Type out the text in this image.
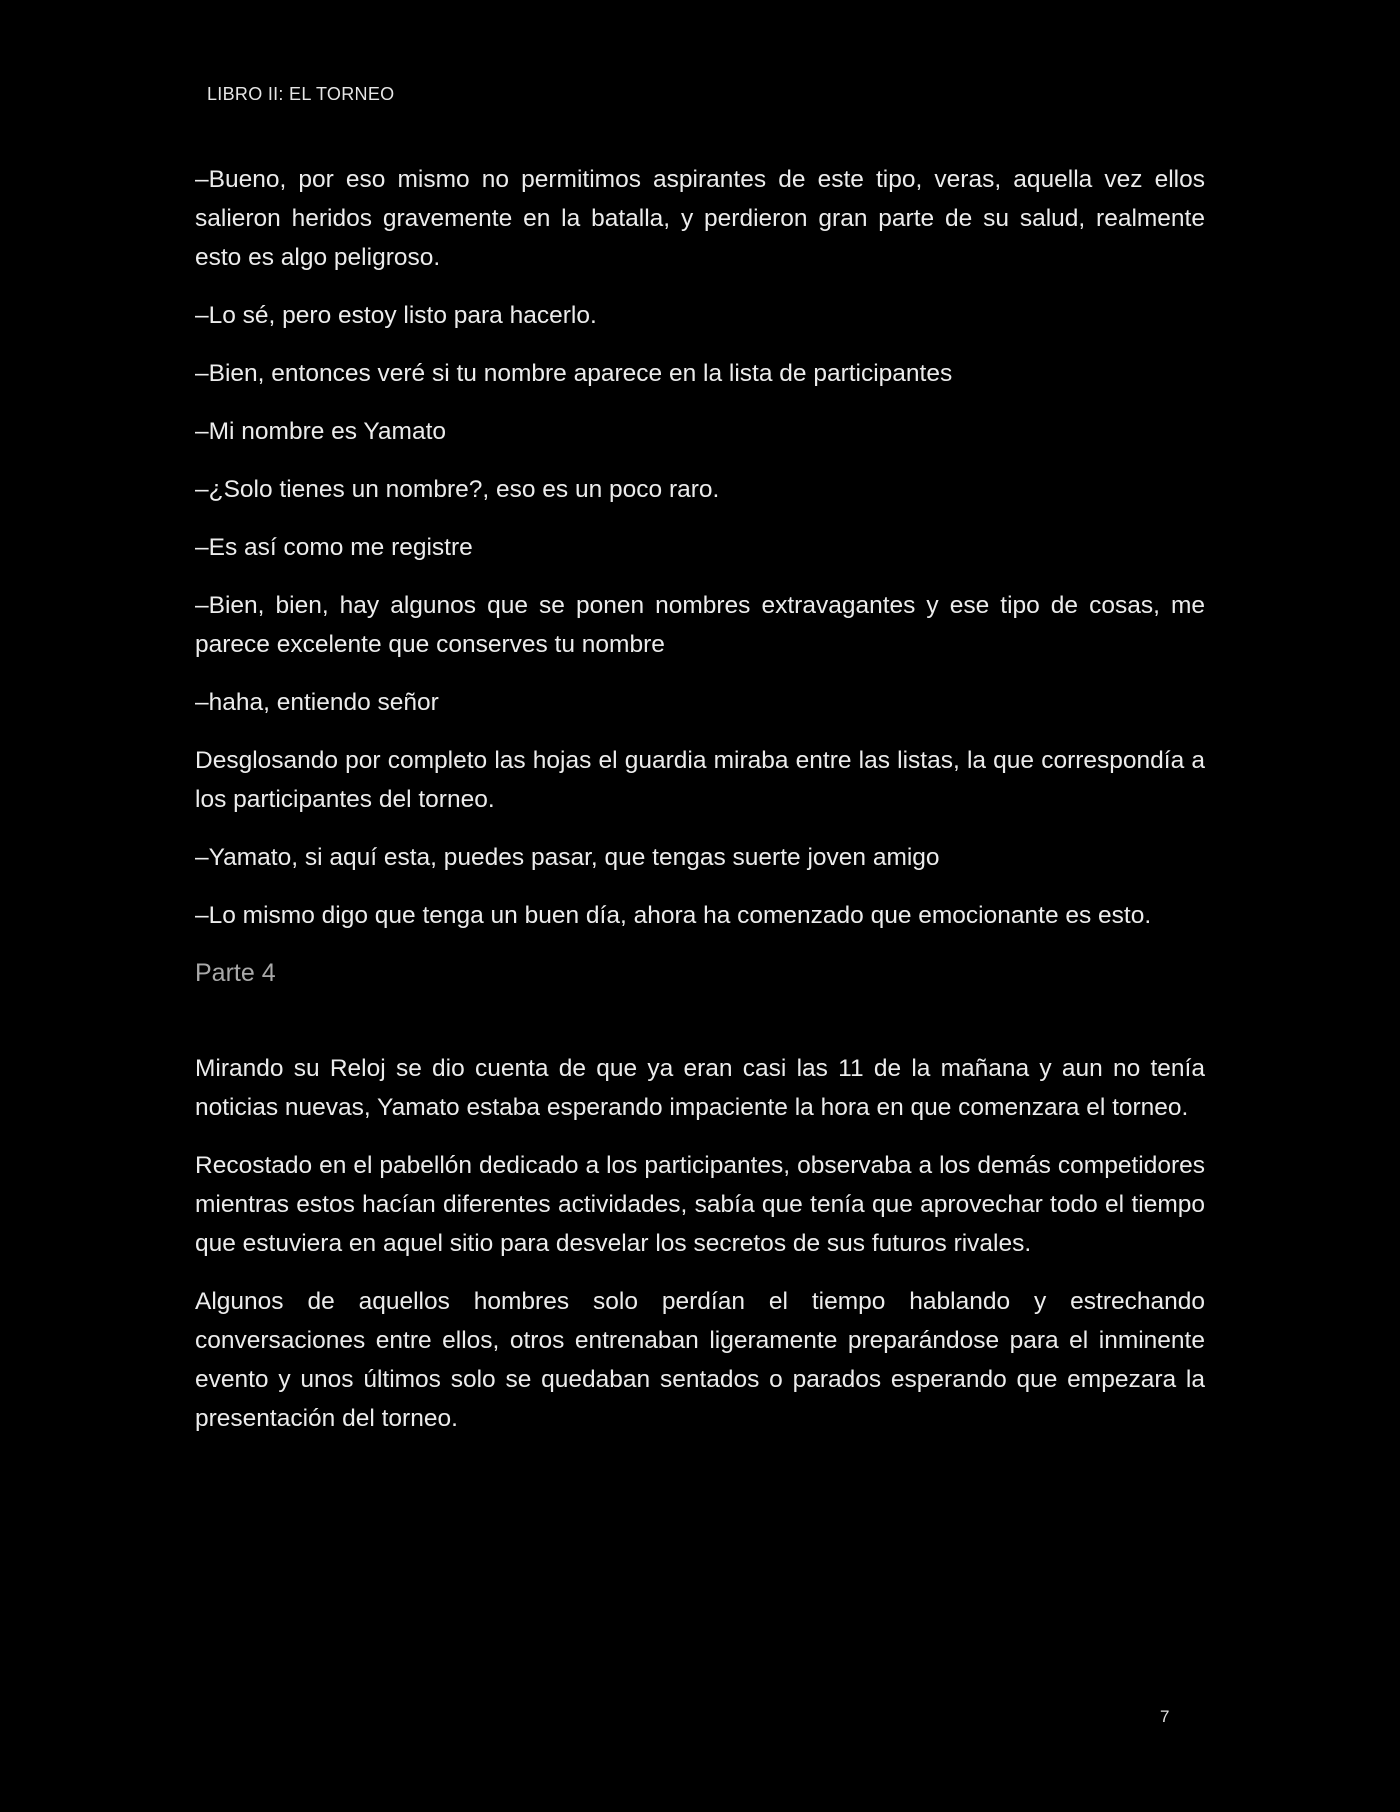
LIBRO II: EL TORNEO

–Bueno, por eso mismo no permitimos aspirantes de este tipo, veras, aquella vez ellos salieron heridos gravemente en la batalla, y perdieron gran parte de su salud, realmente esto es algo peligroso.

–Lo sé, pero estoy listo para hacerlo.

–Bien, entonces veré si tu nombre aparece en la lista de participantes

–Mi nombre es Yamato

–¿Solo tienes un nombre?, eso es un poco raro.

–Es así como me registre

–Bien, bien, hay algunos que se ponen nombres extravagantes y ese tipo de cosas, me parece excelente que conserves tu nombre

–haha, entiendo señor

Desglosando por completo las hojas el guardia miraba entre las listas, la que correspondía a los participantes del torneo.

–Yamato, si aquí esta, puedes pasar, que tengas suerte joven amigo

–Lo mismo digo que tenga un buen día, ahora ha comenzado que emocionante es esto.

Parte 4

Mirando su Reloj se dio cuenta de que ya eran casi las 11 de la mañana y aun no tenía noticias nuevas, Yamato estaba esperando impaciente la hora en que comenzara el torneo.

Recostado en el pabellón dedicado a los participantes, observaba a los demás competidores mientras estos hacían diferentes actividades, sabía que tenía que aprovechar todo el tiempo que estuviera en aquel sitio para desvelar los secretos de sus futuros rivales.

Algunos de aquellos hombres solo perdían el tiempo hablando y estrechando conversaciones entre ellos, otros entrenaban ligeramente preparándose para el inminente evento y unos últimos solo se quedaban sentados o parados esperando que empezara la presentación del torneo.

7
